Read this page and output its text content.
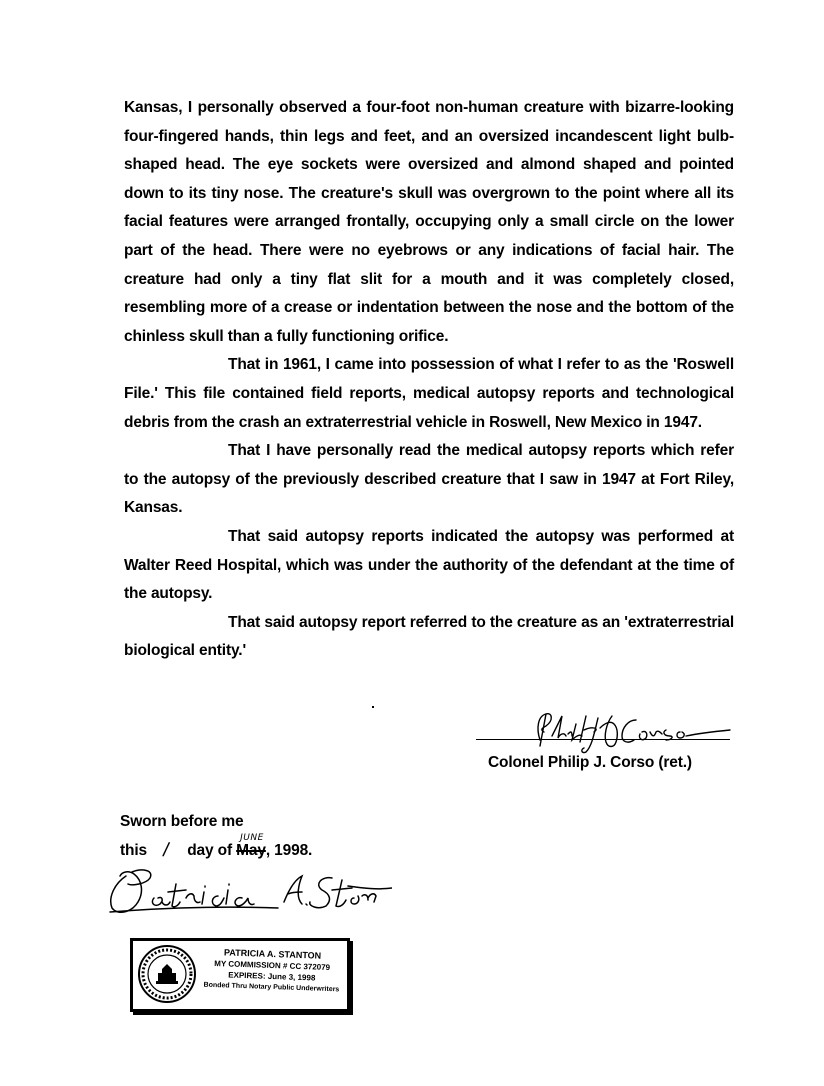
Kansas, I personally observed a four-foot non-human creature with bizarre-looking four-fingered hands, thin legs and feet, and an oversized incandescent light bulb-shaped head. The eye sockets were oversized and almond shaped and pointed down to its tiny nose. The creature's skull was overgrown to the point where all its facial features were arranged frontally, occupying only a small circle on the lower part of the head. There were no eyebrows or any indications of facial hair. The creature had only a tiny flat slit for a mouth and it was completely closed, resembling more of a crease or indentation between the nose and the bottom of the chinless skull than a fully functioning orifice.

That in 1961, I came into possession of what I refer to as the 'Roswell File.' This file contained field reports, medical autopsy reports and technological debris from the crash an extraterrestrial vehicle in Roswell, New Mexico in 1947.

That I have personally read the medical autopsy reports which refer to the autopsy of the previously described creature that I saw in 1947 at Fort Riley, Kansas.

That said autopsy reports indicated the autopsy was performed at Walter Reed Hospital, which was under the authority of the defendant at the time of the autopsy.

That said autopsy report referred to the creature as an 'extraterrestrial biological entity.'

Colonel Philip J. Corso (ret.)
Sworn before me
this / day of
JUNE
May, 1998.
PATRICIA A. STANTON
MY COMMISSION # CC 372079
EXPIRES: June 3, 1998
Bonded Thru Notary Public Underwriters
